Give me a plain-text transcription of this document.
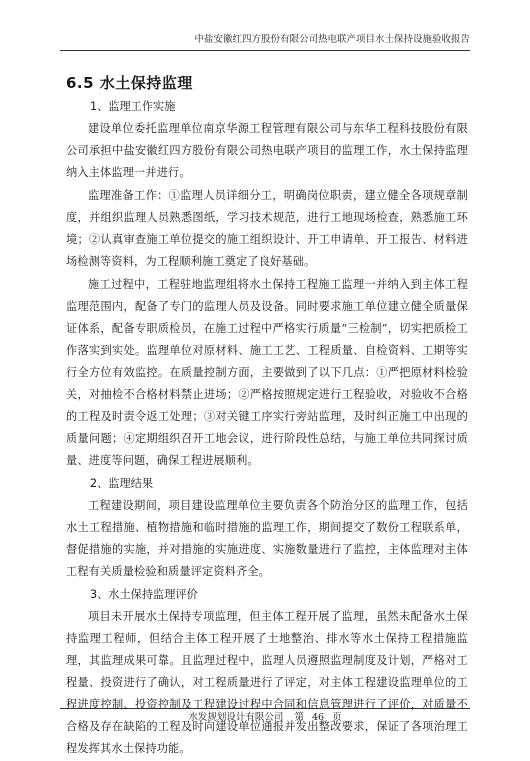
中盐安徽红四方股份有限公司热电联产项目水土保持设施验收报告
6.5 水土保持监理

1、监理工作实施

建设单位委托监理单位南京华源工程管理有限公司与东华工程科技股份有限公司承担中盐安徽红四方股份有限公司热电联产项目的监理工作，水土保持监理纳入主体监理一并进行。

监理准备工作：①监理人员详细分工，明确岗位职责，建立健全各项规章制度，并组织监理人员熟悉图纸，学习技术规范，进行工地现场检查，熟悉施工环境；②认真审查施工单位提交的施工组织设计、开工申请单、开工报告、材料进场检测等资料，为工程顺利施工奠定了良好基础。

施工过程中，工程驻地监理组将水土保持工程施工监理一并纳入到主体工程监理范围内，配备了专门的监理人员及设备。同时要求施工单位建立健全质量保证体系，配备专职质检员，在施工过程中严格实行质量“三检制”，切实把质检工作落实到实处。监理单位对原材料、施工工艺、工程质量、自检资料、工期等实行全方位有效监控。在质量控制方面，主要做到了以下几点：①严把原材料检验关，对抽检不合格材料禁止进场；②严格按照规定进行工程验收，对验收不合格的工程及时责令返工处理；③对关键工序实行旁站监理，及时纠正施工中出现的质量问题；④定期组织召开工地会议，进行阶段性总结，与施工单位共同探讨质量、进度等问题，确保工程进展顺利。

2、监理结果

工程建设期间，项目建设监理单位主要负责各个防治分区的监理工作，包括水土工程措施、植物措施和临时措施的监理工作，期间提交了数份工程联系单，督促措施的实施，并对措施的实施进度、实施数量进行了监控，主体监理对主体工程有关质量检验和质量评定资料齐全。

3、水土保持监理评价

项目未开展水土保持专项监理，但主体工程开展了监理，虽然未配备水土保持监理工程师，但结合主体工程开展了土地整治、排水等水土保持工程措施监理，其监理成果可靠。且监理过程中，监理人员遵照监理制度及计划，严格对工程量、投资进行了确认，对工程质量进行了评定，对主体工程建设监理单位的工程进度控制、投资控制及工程建设过程中合同和信息管理进行了评价，对质量不合格及存在缺陷的工程及时向建设单位通报并发出整改要求，保证了各项治理工程发挥其水土保持功能。

水发规划设计有限公司 第 46 页
